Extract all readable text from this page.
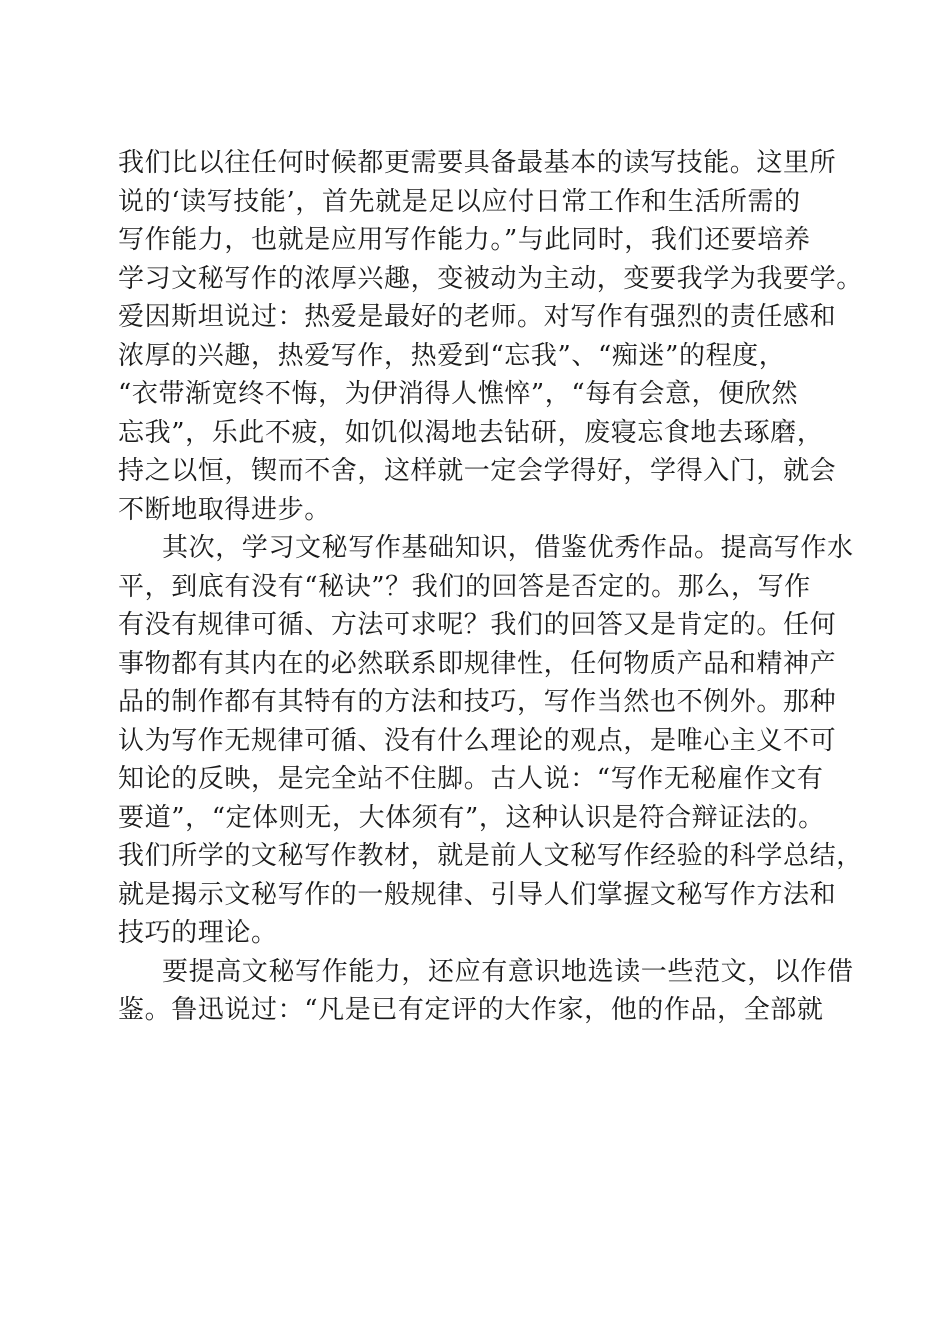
我们比以往任何时候都更需要具备最基本的读写技能。这里所
说的‘读写技能’，首先就是足以应付日常工作和生活所需的
写作能力，也就是应用写作能力。”与此同时，我们还要培养
学习文秘写作的浓厚兴趣，变被动为主动，变要我学为我要学。
爱因斯坦说过：热爱是最好的老师。对写作有强烈的责任感和
浓厚的兴趣，热爱写作，热爱到“忘我”、“痴迷”的程度，
“衣带渐宽终不悔，为伊消得人憔悴”，“每有会意，便欣然
忘我”，乐此不疲，如饥似渴地去钻研，废寝忘食地去琢磨，
持之以恒，锲而不舍，这样就一定会学得好，学得入门，就会
不断地取得进步。
其次，学习文秘写作基础知识，借鉴优秀作品。提高写作水
平，到底有没有“秘诀”？我们的回答是否定的。那么，写作
有没有规律可循、方法可求呢？我们的回答又是肯定的。任何
事物都有其内在的必然联系即规律性，任何物质产品和精神产
品的制作都有其特有的方法和技巧，写作当然也不例外。那种
认为写作无规律可循、没有什么理论的观点，是唯心主义不可
知论的反映，是完全站不住脚。古人说：“写作无秘雇作文有
要道”，“定体则无，大体须有”，这种认识是符合辩证法的。
我们所学的文秘写作教材，就是前人文秘写作经验的科学总结，
就是揭示文秘写作的一般规律、引导人们掌握文秘写作方法和
技巧的理论。
要提高文秘写作能力，还应有意识地选读一些范文，以作借
鉴。鲁迅说过：“凡是已有定评的大作家，他的作品，全部就
